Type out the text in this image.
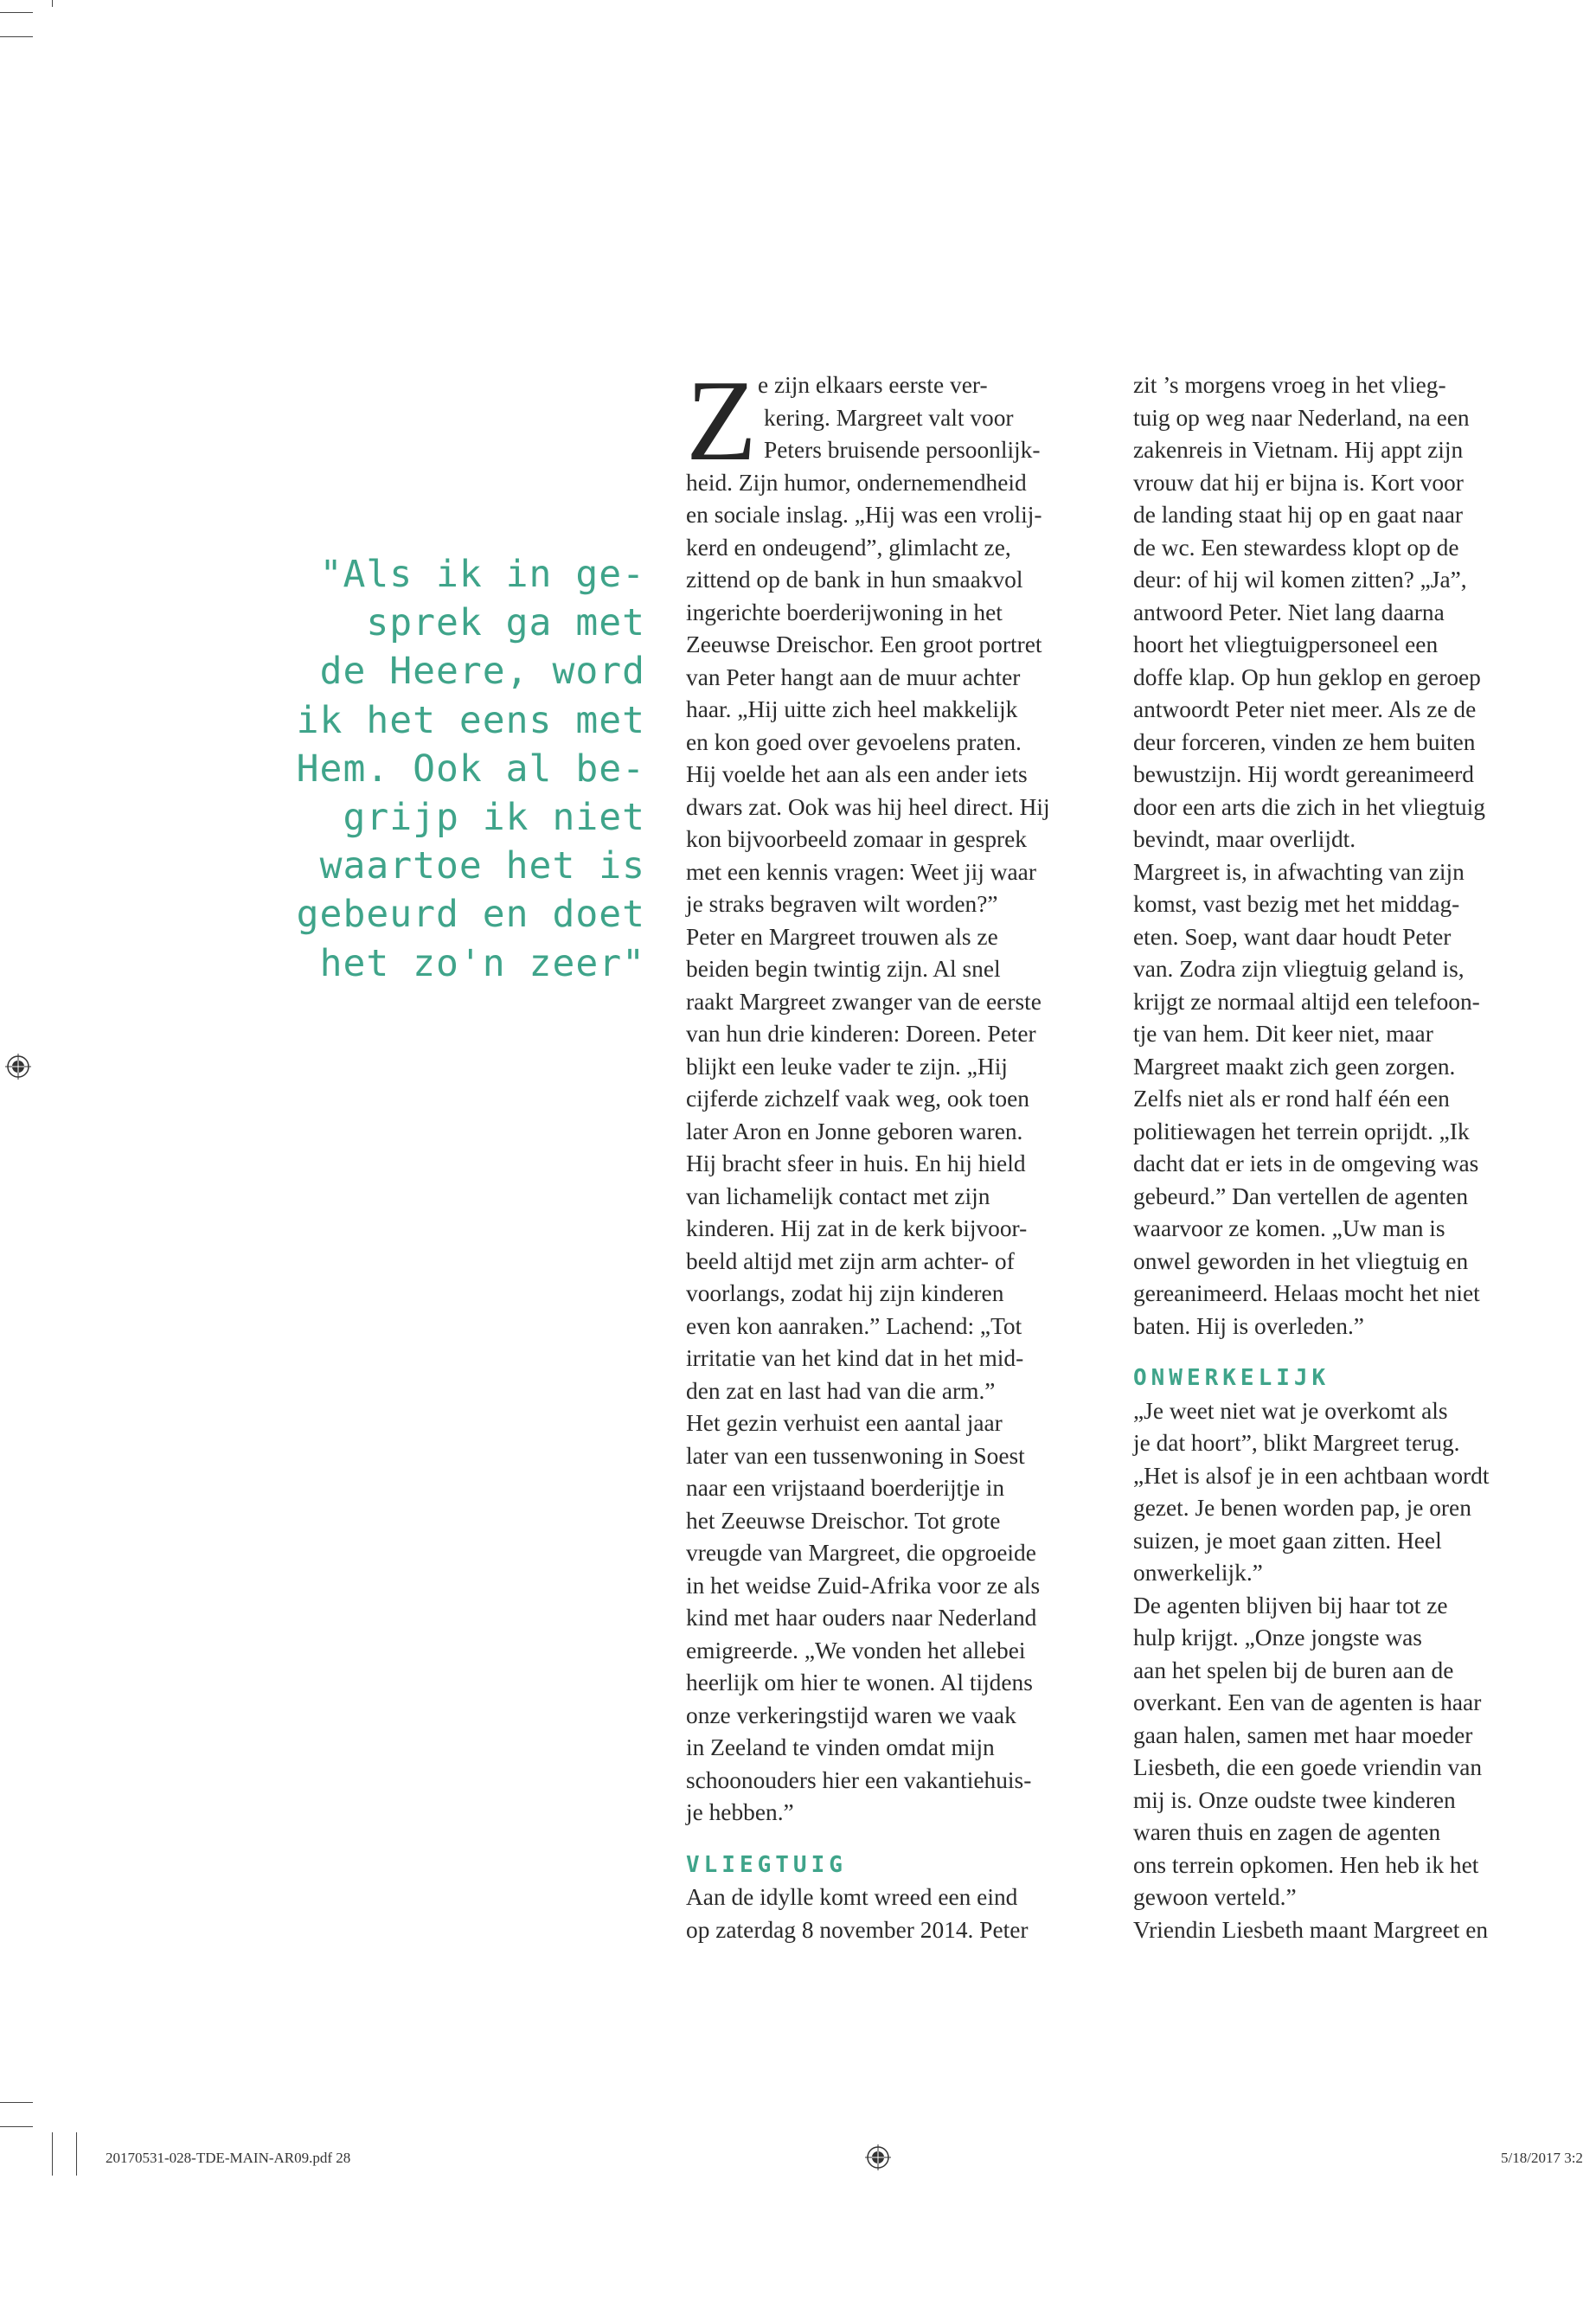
"Als ik in ge-
sprek ga met
de Heere, word
ik het eens met
Hem. Ook al be-
grijp ik niet
waartoe het is
gebeurd en doet
het zo'n zeer"
Z e zijn elkaars eerste ver-
kering. Margreet valt voor
Peters bruisende persoonlijk-
heid. Zijn humor, ondernemendheid
en sociale inslag. „Hij was een vrolij-
kerd en ondeugend”, glimlacht ze,
zittend op de bank in hun smaakvol
ingerichte boerderijwoning in het
Zeeuwse Dreischor. Een groot portret
van Peter hangt aan de muur achter
haar. „Hij uitte zich heel makkelijk
en kon goed over gevoelens praten.
Hij voelde het aan als een ander iets
dwars zat. Ook was hij heel direct. Hij
kon bijvoorbeeld zomaar in gesprek
met een kennis vragen: Weet jij waar
je straks begraven wilt worden?”
Peter en Margreet trouwen als ze
beiden begin twintig zijn. Al snel
raakt Margreet zwanger van de eerste
van hun drie kinderen: Doreen. Peter
blijkt een leuke vader te zijn. „Hij
cijferde zichzelf vaak weg, ook toen
later Aron en Jonne geboren waren.
Hij bracht sfeer in huis. En hij hield
van lichamelijk contact met zijn
kinderen. Hij zat in de kerk bijvoor-
beeld altijd met zijn arm achter- of
voorlangs, zodat hij zijn kinderen
even kon aanraken.” Lachend: „Tot
irritatie van het kind dat in het mid-
den zat en last had van die arm.”
Het gezin verhuist een aantal jaar
later van een tussenwoning in Soest
naar een vrijstaand boerderijtje in
het Zeeuwse Dreischor. Tot grote
vreugde van Margreet, die opgroeide
in het weidse Zuid-Afrika voor ze als
kind met haar ouders naar Nederland
emigreerde. „We vonden het allebei
heerlijk om hier te wonen. Al tijdens
onze verkeringstijd waren we vaak
in Zeeland te vinden omdat mijn
schoonouders hier een vakantiehuis-
je hebben.”
VLIEGTUIG
Aan de idylle komt wreed een eind
op zaterdag 8 november 2014. Peter
zit ’s morgens vroeg in het vlieg-
tuig op weg naar Nederland, na een
zakenreis in Vietnam. Hij appt zijn
vrouw dat hij er bijna is. Kort voor
de landing staat hij op en gaat naar
de wc. Een stewardess klopt op de
deur: of hij wil komen zitten? „Ja”,
antwoord Peter. Niet lang daarna
hoort het vliegtuigpersoneel een
doffe klap. Op hun geklop en geroep
antwoordt Peter niet meer. Als ze de
deur forceren, vinden ze hem buiten
bewustzijn. Hij wordt gereanimeerd
door een arts die zich in het vliegtuig
bevindt, maar overlijdt.
Margreet is, in afwachting van zijn
komst, vast bezig met het middag-
eten. Soep, want daar houdt Peter
van. Zodra zijn vliegtuig geland is,
krijgt ze normaal altijd een telefoon-
tje van hem. Dit keer niet, maar
Margreet maakt zich geen zorgen.
Zelfs niet als er rond half één een
politiewagen het terrein oprijdt. „Ik
dacht dat er iets in de omgeving was
gebeurd.” Dan vertellen de agenten
waarvoor ze komen. „Uw man is
onwel geworden in het vliegtuig en
gereanimeerd. Helaas mocht het niet
baten. Hij is overleden.”
ONWERKELIJK
„Je weet niet wat je overkomt als
je dat hoort”, blikt Margreet terug.
„Het is alsof je in een achtbaan wordt
gezet. Je benen worden pap, je oren
suizen, je moet gaan zitten. Heel
onwerkelijk.”
De agenten blijven bij haar tot ze
hulp krijgt. „Onze jongste was
aan het spelen bij de buren aan de
overkant. Een van de agenten is haar
gaan halen, samen met haar moeder
Liesbeth, die een goede vriendin van
mij is. Onze oudste twee kinderen
waren thuis en zagen de agenten
ons terrein opkomen. Hen heb ik het
gewoon verteld.”
Vriendin Liesbeth maant Margreet en
20170531-028-TDE-MAIN-AR09.pdf 28	5/18/2017 3:2
